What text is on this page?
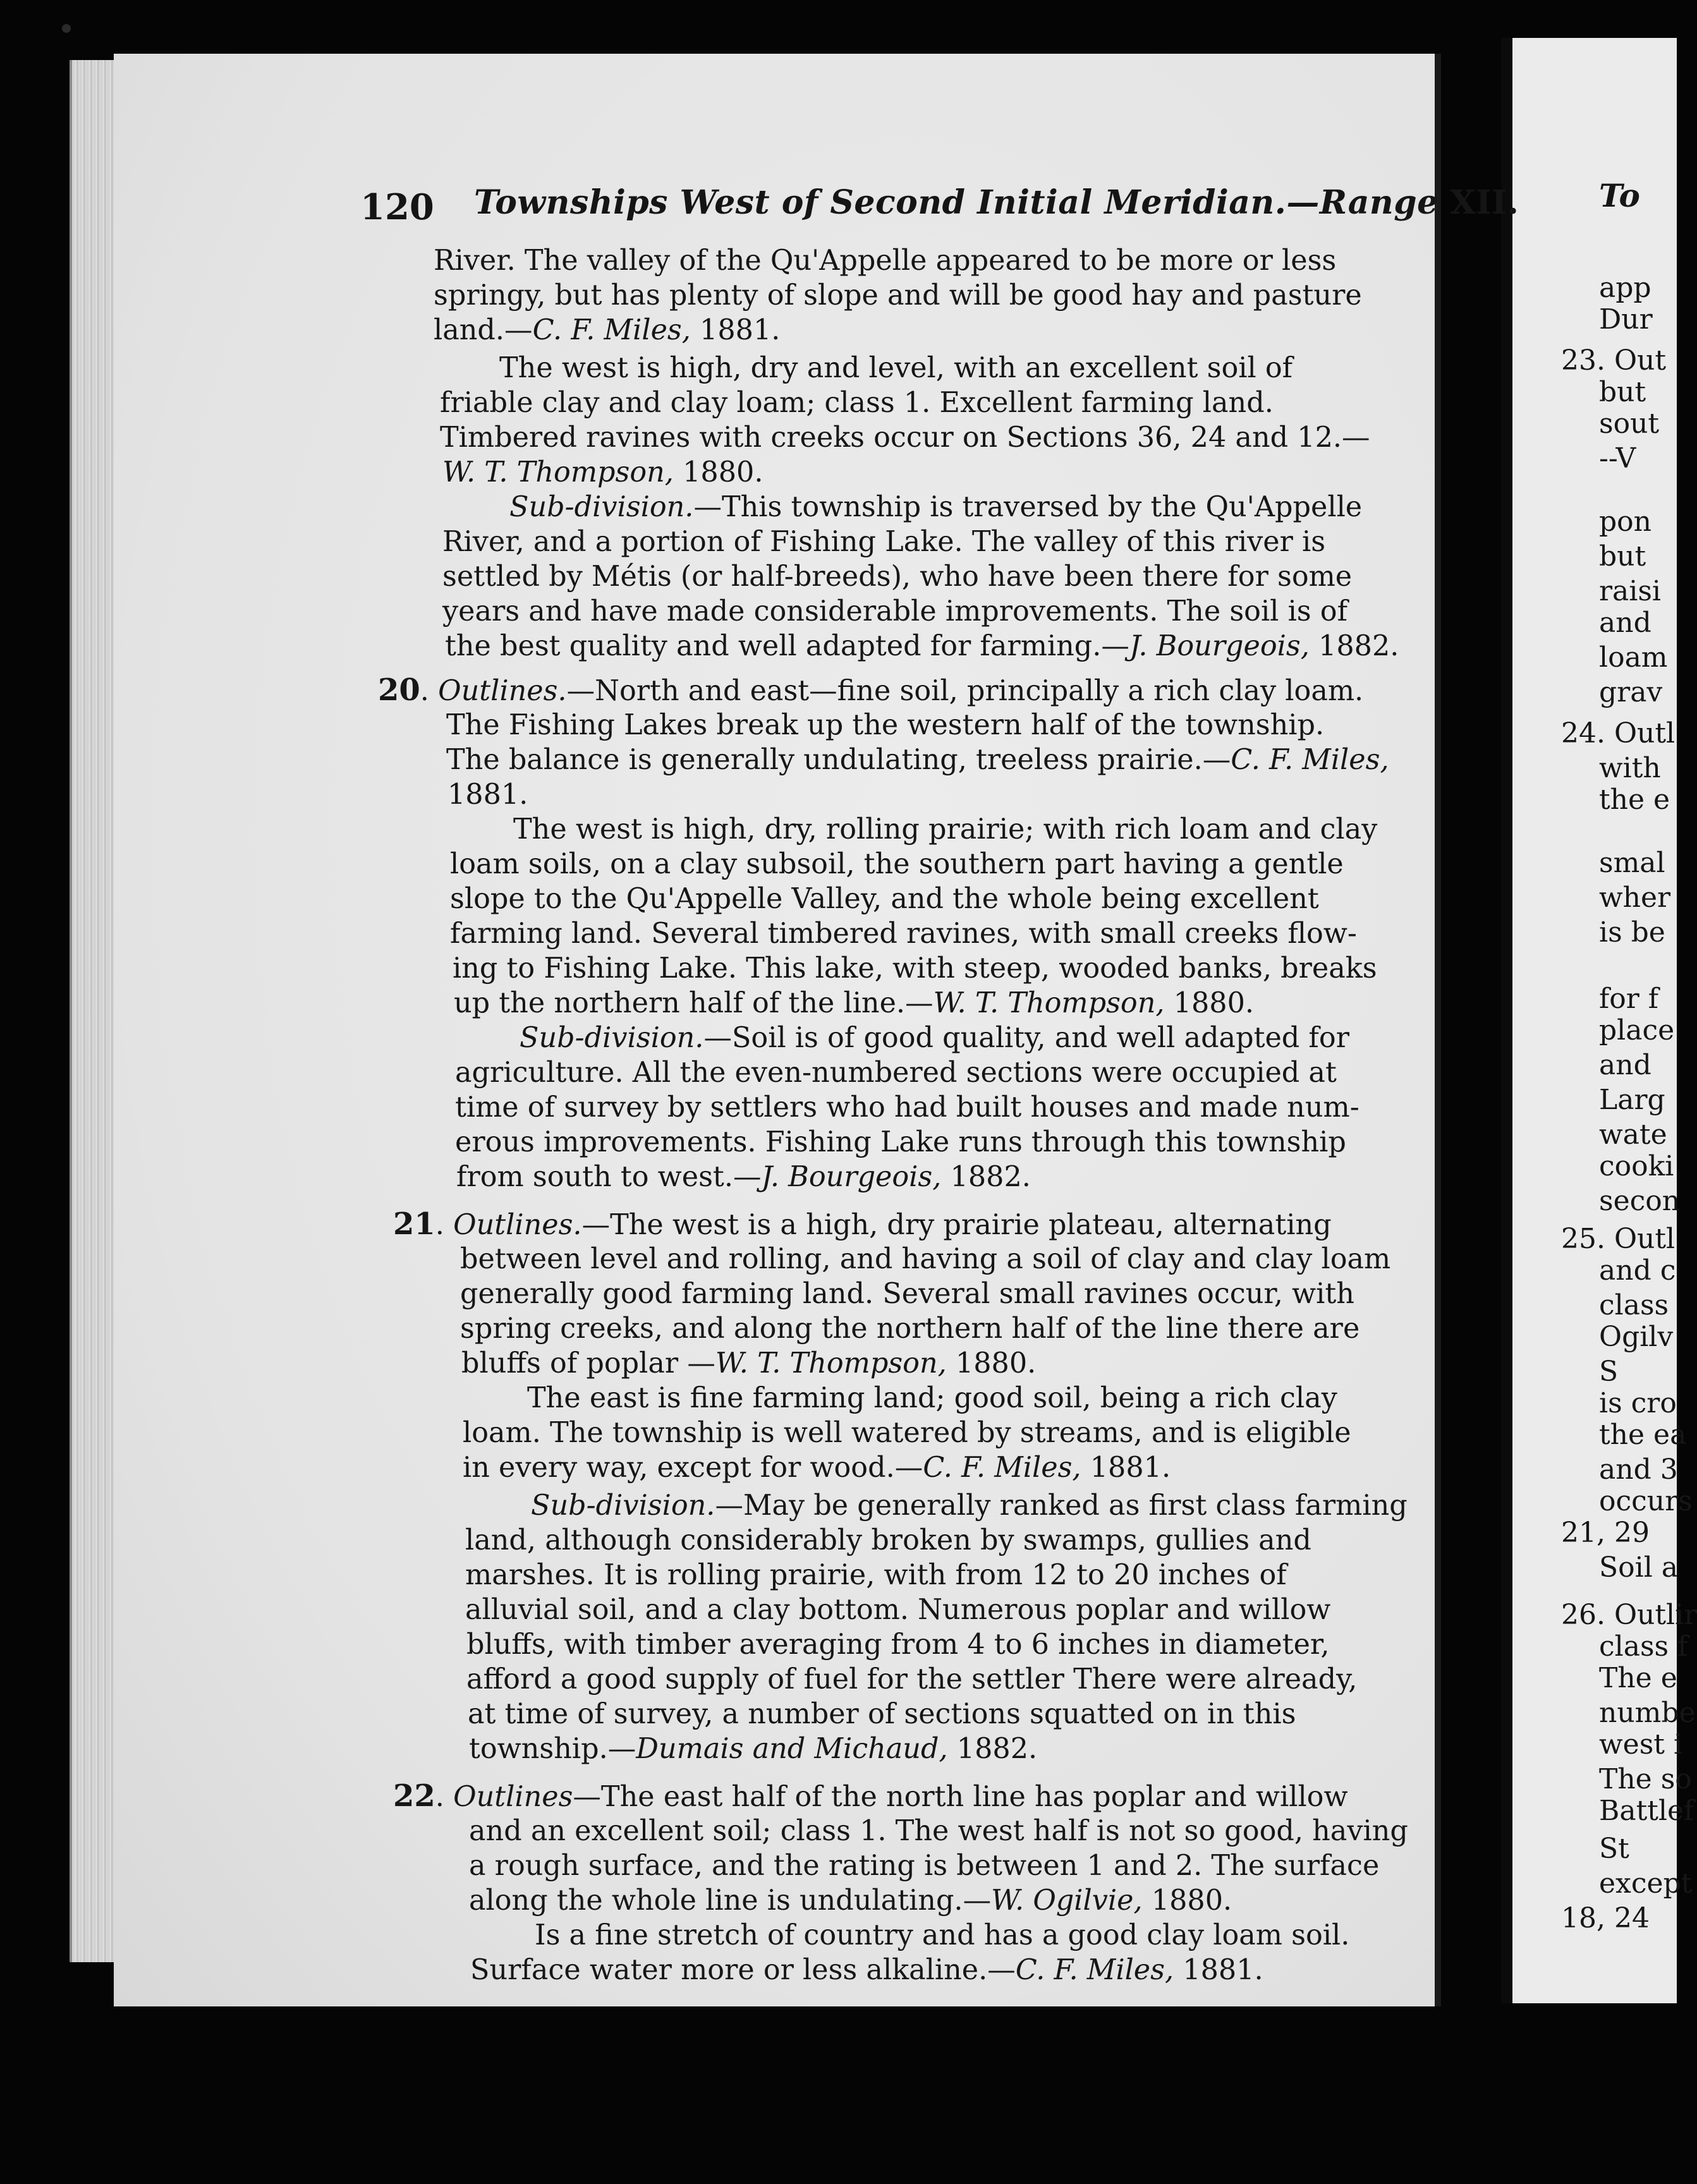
120 Townships West of Second Initial Meridian.—Range XII.
River. The valley of the Qu'Appelle appeared to be more or less
springy, but has plenty of slope and will be good hay and pasture
land.—C. F. Miles, 1881.
The west is high, dry and level, with an excellent soil of
friable clay and clay loam; class 1. Excellent farming land.
Timbered ravines with creeks occur on Sections 36, 24 and 12.—
W. T. Thompson, 1880.
Sub-division.—This township is traversed by the Qu'Appelle
River, and a portion of Fishing Lake. The valley of this river is
settled by Métis (or half-breeds), who have been there for some
years and have made considerable improvements. The soil is of
the best quality and well adapted for farming.—J. Bourgeois, 1882.
20. Outlines.—North and east—fine soil, principally a rich clay loam.
The Fishing Lakes break up the western half of the township.
The balance is generally undulating, treeless prairie.—C. F. Miles,
1881.
The west is high, dry, rolling prairie; with rich loam and clay
loam soils, on a clay subsoil, the southern part having a gentle
slope to the Qu'Appelle Valley, and the whole being excellent
farming land. Several timbered ravines, with small creeks flow-
ing to Fishing Lake. This lake, with steep, wooded banks, breaks
up the northern half of the line.—W. T. Thompson, 1880.
Sub-division.—Soil is of good quality, and well adapted for
agriculture. All the even-numbered sections were occupied at
time of survey by settlers who had built houses and made num-
erous improvements. Fishing Lake runs through this township
from south to west.—J. Bourgeois, 1882.
21. Outlines.—The west is a high, dry prairie plateau, alternating
between level and rolling, and having a soil of clay and clay loam
generally good farming land. Several small ravines occur, with
spring creeks, and along the northern half of the line there are
bluffs of poplar —W. T. Thompson, 1880.
The east is fine farming land; good soil, being a rich clay
loam. The township is well watered by streams, and is eligible
in every way, except for wood.—C. F. Miles, 1881.
Sub-division.—May be generally ranked as first class farming
land, although considerably broken by swamps, gullies and
marshes. It is rolling prairie, with from 12 to 20 inches of
alluvial soil, and a clay bottom. Numerous poplar and willow
bluffs, with timber averaging from 4 to 6 inches in diameter,
afford a good supply of fuel for the settler There were already,
at time of survey, a number of sections squatted on in this
township.—Dumais and Michaud, 1882.
22. Outlines—The east half of the north line has poplar and willow
and an excellent soil; class 1. The west half is not so good, having
a rough surface, and the rating is between 1 and 2. The surface
along the whole line is undulating.—W. Ogilvie, 1880.
Is a fine stretch of country and has a good clay loam soil.
Surface water more or less alkaline.—C. F. Miles, 1881.
To
app
Dur
23. Out
but
sout
--V
pon
but
raisi
and
loam
grav
24. Outl
with
the e
smal
wher
is be
for f
place
and
Larg
wate
cooki
secon
25. Outl
and c
class
Ogilv
S
is cro
the ea
and 3
occurs
21, 29
Soil a
26. Outlir
class f
The e
numbe
west i
The so
Battlef
St
except
18, 24
